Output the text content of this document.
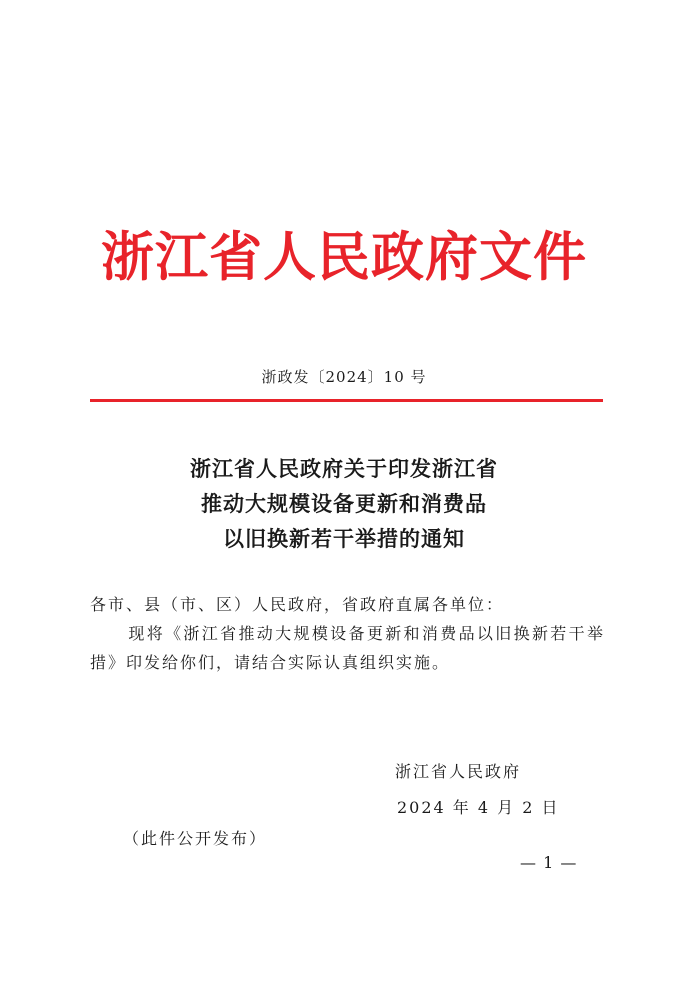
浙江省人民政府文件
浙政发〔2024〕10 号
浙江省人民政府关于印发浙江省
推动大规模设备更新和消费品
以旧换新若干举措的通知

各市、县（市、区）人民政府，省政府直属各单位：

现将《浙江省推动大规模设备更新和消费品以旧换新若干举措》印发给你们，请结合实际认真组织实施。

浙江省人民政府
2024 年 4 月 2 日
（此件公开发布）
— 1 —
